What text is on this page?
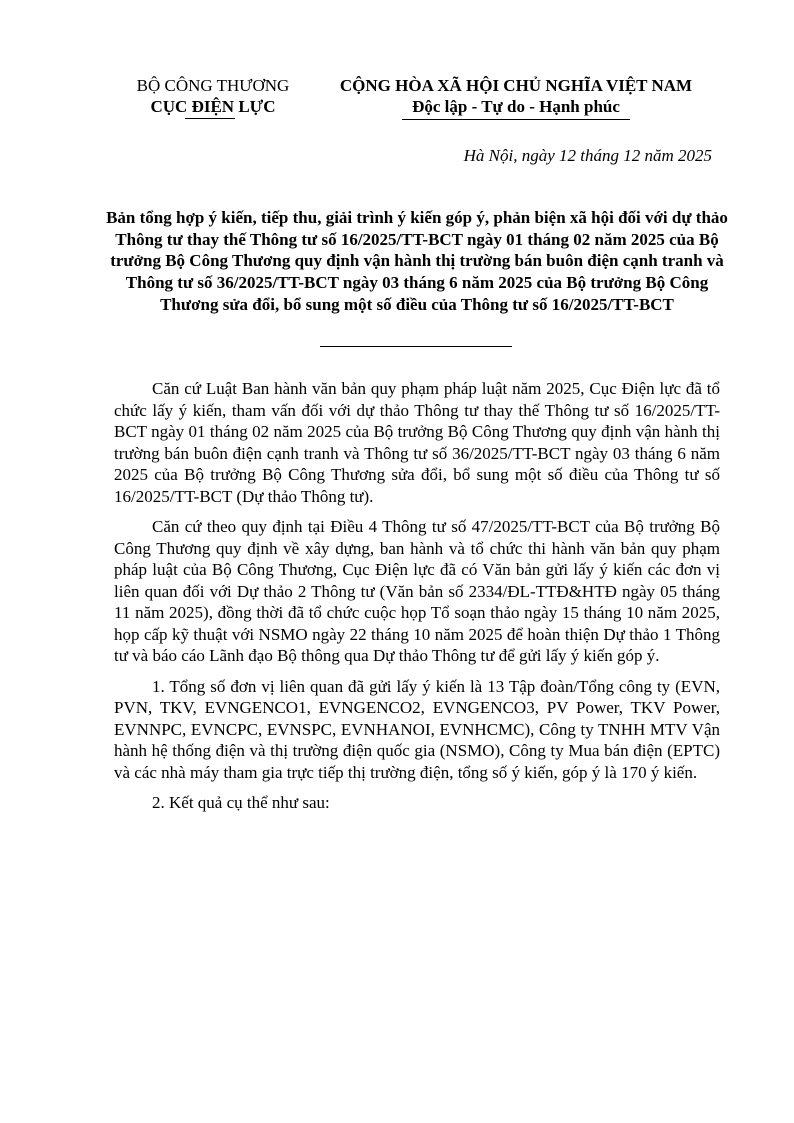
BỘ CÔNG THƯƠNG
CỤC ĐIỆN LỰC
CỘNG HÒA XÃ HỘI CHỦ NGHĨA VIỆT NAM
Độc lập - Tự do - Hạnh phúc
Hà Nội, ngày 12 tháng 12 năm 2025
Bản tổng hợp ý kiến, tiếp thu, giải trình ý kiến góp ý, phản biện xã hội đối với dự thảo Thông tư thay thế Thông tư số 16/2025/TT-BCT ngày 01 tháng 02 năm 2025 của Bộ trưởng Bộ Công Thương quy định vận hành thị trường bán buôn điện cạnh tranh và Thông tư số 36/2025/TT-BCT ngày 03 tháng 6 năm 2025 của Bộ trưởng Bộ Công Thương sửa đổi, bổ sung một số điều của Thông tư số 16/2025/TT-BCT

Căn cứ Luật Ban hành văn bản quy phạm pháp luật năm 2025, Cục Điện lực đã tổ chức lấy ý kiến, tham vấn đối với dự thảo Thông tư thay thế Thông tư số 16/2025/TT-BCT ngày 01 tháng 02 năm 2025 của Bộ trưởng Bộ Công Thương quy định vận hành thị trường bán buôn điện cạnh tranh và Thông tư số 36/2025/TT-BCT ngày 03 tháng 6 năm 2025 của Bộ trưởng Bộ Công Thương sửa đổi, bổ sung một số điều của Thông tư số 16/2025/TT-BCT (Dự thảo Thông tư).

Căn cứ theo quy định tại Điều 4 Thông tư số 47/2025/TT-BCT của Bộ trưởng Bộ Công Thương quy định về xây dựng, ban hành và tổ chức thi hành văn bản quy phạm pháp luật của Bộ Công Thương, Cục Điện lực đã có Văn bản gửi lấy ý kiến các đơn vị liên quan đối với Dự thảo 2 Thông tư (Văn bản số 2334/ĐL-TTĐ&HTĐ ngày 05 tháng 11 năm 2025), đồng thời đã tổ chức cuộc họp Tổ soạn thảo ngày 15 tháng 10 năm 2025, họp cấp kỹ thuật với NSMO ngày 22 tháng 10 năm 2025 để hoàn thiện Dự thảo 1 Thông tư và báo cáo Lãnh đạo Bộ thông qua Dự thảo Thông tư để gửi lấy ý kiến góp ý.

1. Tổng số đơn vị liên quan đã gửi lấy ý kiến là 13 Tập đoàn/Tổng công ty (EVN, PVN, TKV, EVNGENCO1, EVNGENCO2, EVNGENCO3, PV Power, TKV Power, EVNNPC, EVNCPC, EVNSPC, EVNHANOI, EVNHCMC), Công ty TNHH MTV Vận hành hệ thống điện và thị trường điện quốc gia (NSMO), Công ty Mua bán điện (EPTC) và các nhà máy tham gia trực tiếp thị trường điện, tổng số ý kiến, góp ý là 170 ý kiến.

2. Kết quả cụ thể như sau:
